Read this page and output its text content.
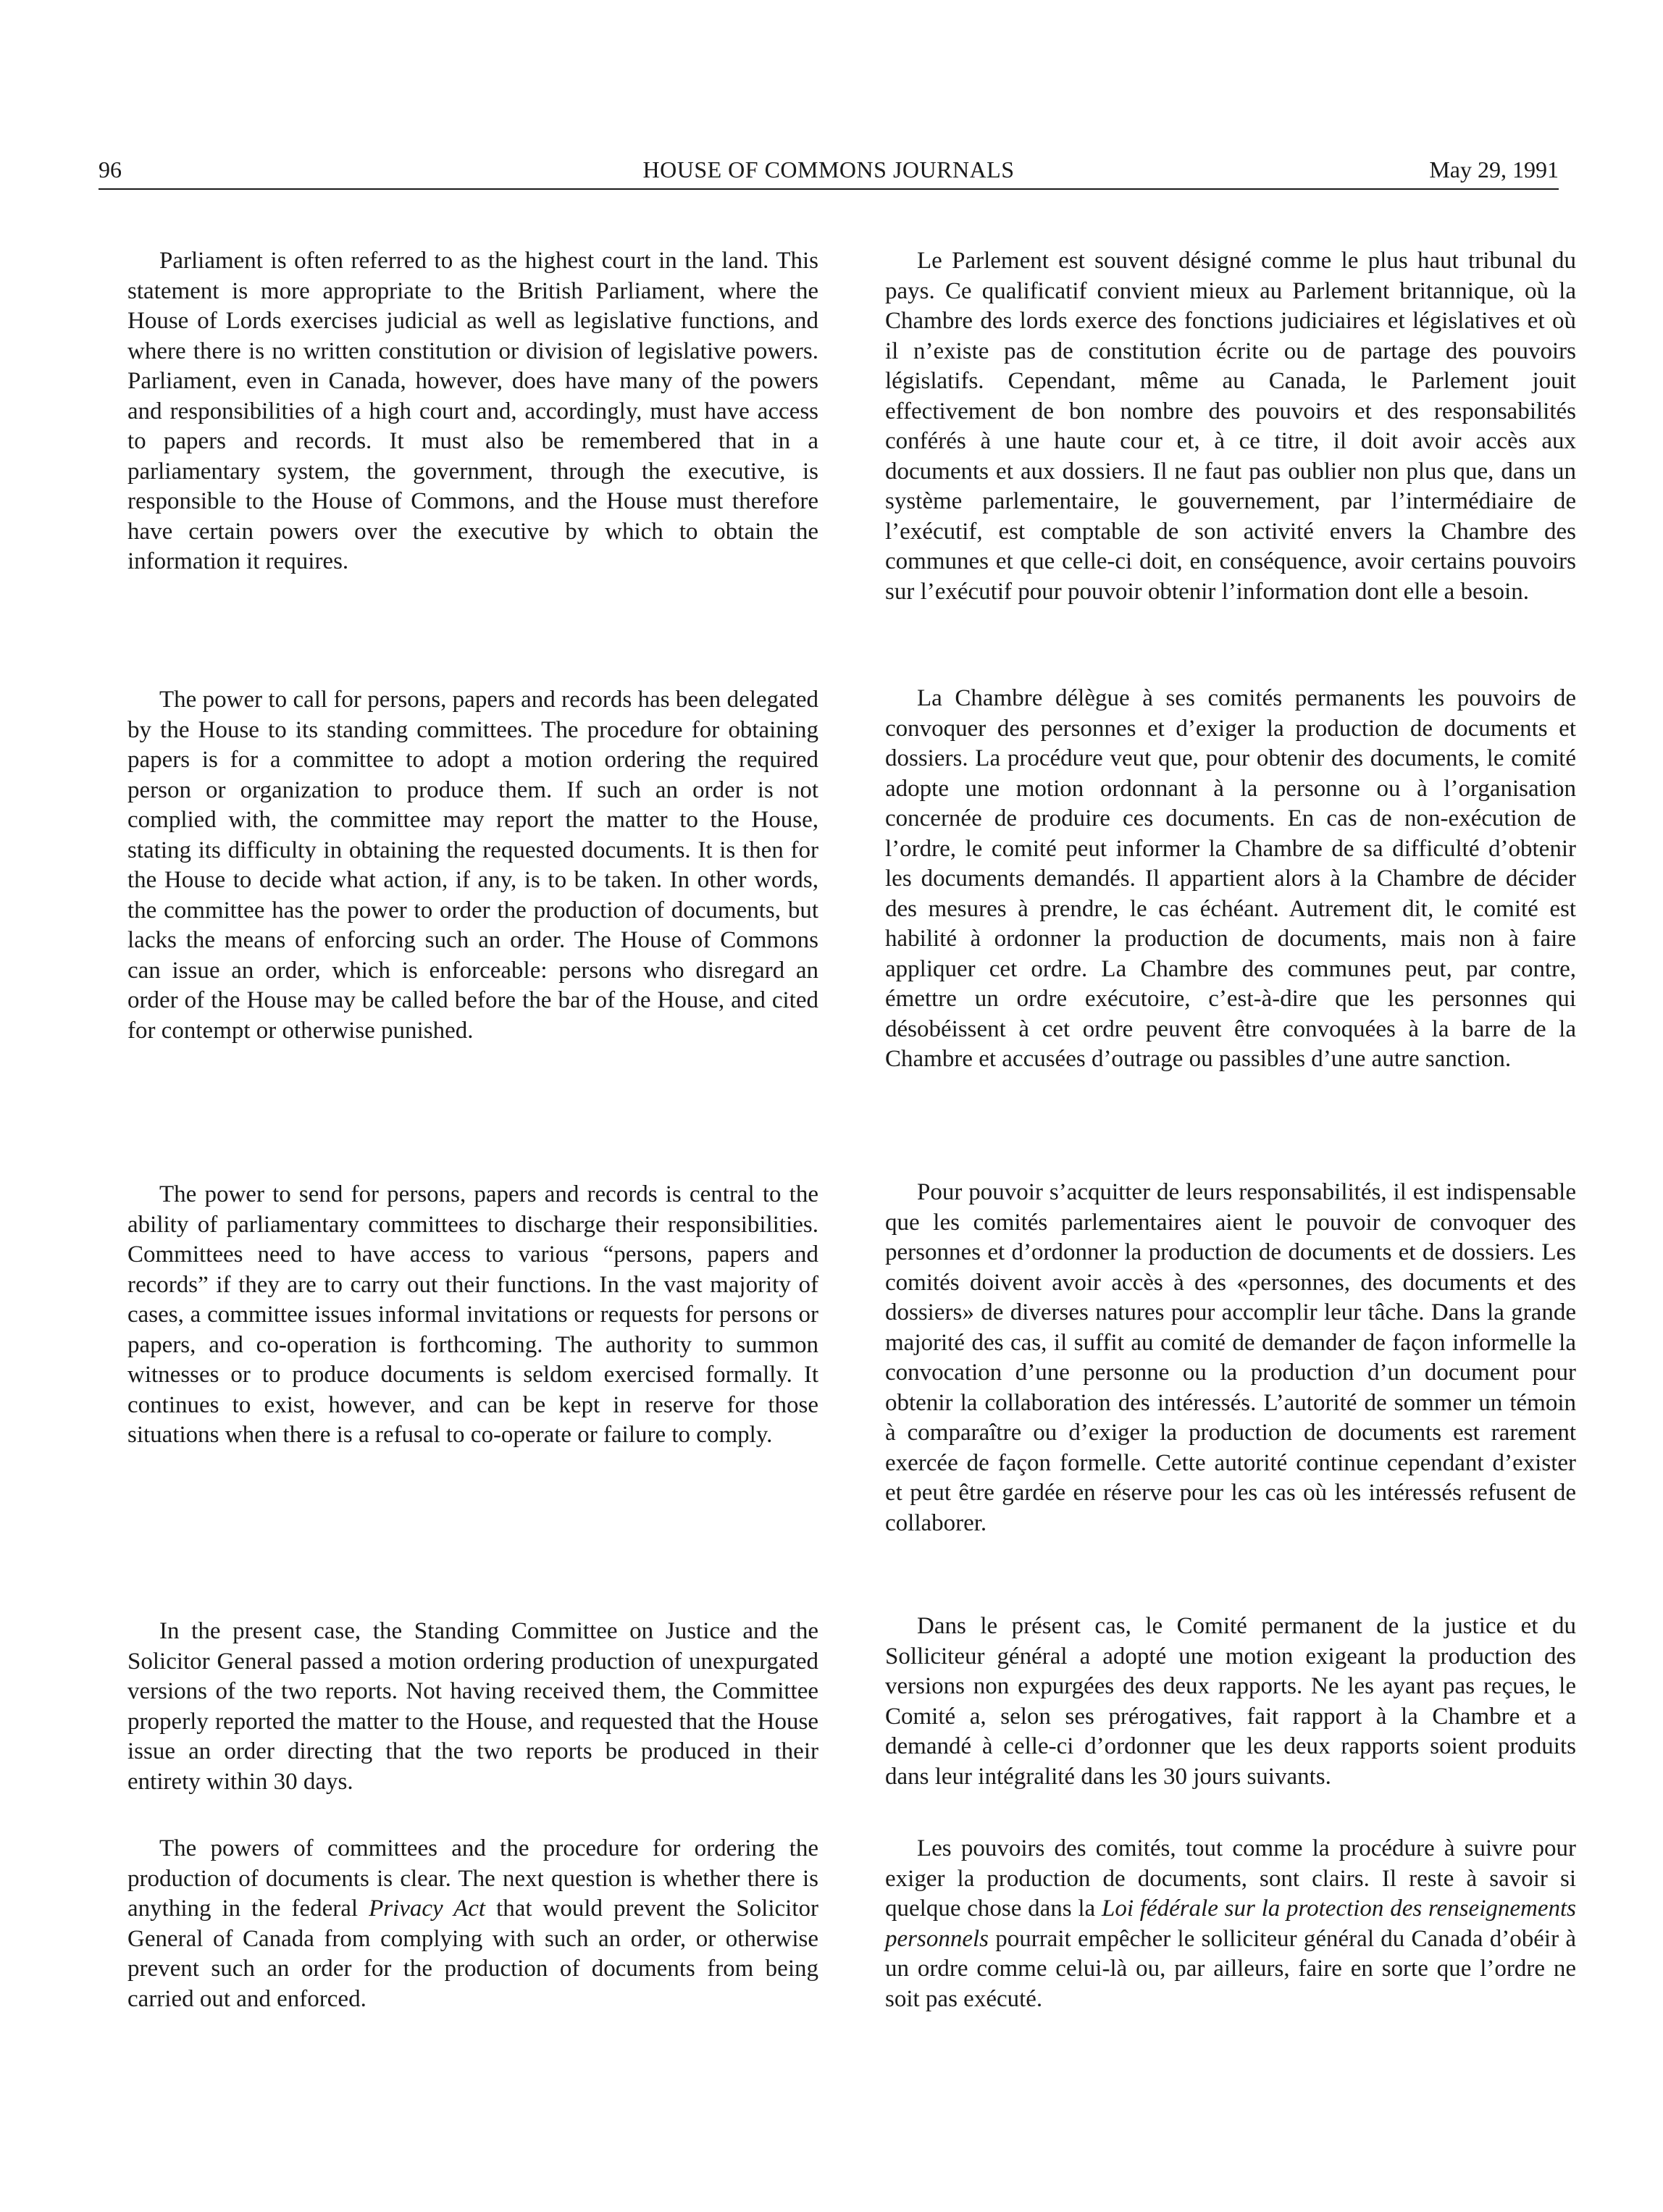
96	HOUSE OF COMMONS JOURNALS	May 29, 1991

Parliament is often referred to as the highest court in the land. This statement is more appropriate to the British Parliament, where the House of Lords exercises judicial as well as legislative functions, and where there is no written constitution or division of legislative powers. Parliament, even in Canada, however, does have many of the powers and responsibilities of a high court and, accordingly, must have access to papers and records. It must also be remembered that in a parliamentary system, the government, through the executive, is responsible to the House of Commons, and the House must therefore have certain powers over the executive by which to obtain the information it requires.

The power to call for persons, papers and records has been delegated by the House to its standing committees. The procedure for obtaining papers is for a committee to adopt a motion ordering the required person or organization to produce them. If such an order is not complied with, the committee may report the matter to the House, stating its difficulty in obtaining the requested documents. It is then for the House to decide what action, if any, is to be taken. In other words, the committee has the power to order the production of documents, but lacks the means of enforcing such an order. The House of Commons can issue an order, which is enforceable: persons who disregard an order of the House may be called before the bar of the House, and cited for contempt or otherwise punished.

The power to send for persons, papers and records is central to the ability of parliamentary committees to discharge their responsibilities. Committees need to have access to various “persons, papers and records” if they are to carry out their functions. In the vast majority of cases, a committee issues informal invitations or requests for persons or papers, and co-operation is forthcoming. The authority to summon witnesses or to produce documents is seldom exercised formally. It continues to exist, however, and can be kept in reserve for those situations when there is a refusal to co-operate or failure to comply.

In the present case, the Standing Committee on Justice and the Solicitor General passed a motion ordering production of unexpurgated versions of the two reports. Not having received them, the Committee properly reported the matter to the House, and requested that the House issue an order directing that the two reports be produced in their entirety within 30 days.

The powers of committees and the procedure for ordering the production of documents is clear. The next question is whether there is anything in the federal Privacy Act that would prevent the Solicitor General of Canada from complying with such an order, or otherwise prevent such an order for the production of documents from being carried out and enforced.

Le Parlement est souvent désigné comme le plus haut tribunal du pays. Ce qualificatif convient mieux au Parlement britannique, où la Chambre des lords exerce des fonctions judiciaires et législatives et où il n’existe pas de constitution écrite ou de partage des pouvoirs législatifs. Cependant, même au Canada, le Parlement jouit effectivement de bon nombre des pouvoirs et des responsabilités conférés à une haute cour et, à ce titre, il doit avoir accès aux documents et aux dossiers. Il ne faut pas oublier non plus que, dans un système parlementaire, le gouvernement, par l’intermédiaire de l’exécutif, est comptable de son activité envers la Chambre des communes et que celle-ci doit, en conséquence, avoir certains pouvoirs sur l’exécutif pour pouvoir obtenir l’information dont elle a besoin.

La Chambre délègue à ses comités permanents les pouvoirs de convoquer des personnes et d’exiger la production de documents et dossiers. La procédure veut que, pour obtenir des documents, le comité adopte une motion ordonnant à la personne ou à l’organisation concernée de produire ces documents. En cas de non-exécution de l’ordre, le comité peut informer la Chambre de sa difficulté d’obtenir les documents demandés. Il appartient alors à la Chambre de décider des mesures à prendre, le cas échéant. Autrement dit, le comité est habilité à ordonner la production de documents, mais non à faire appliquer cet ordre. La Chambre des communes peut, par contre, émettre un ordre exécutoire, c’est-à-dire que les personnes qui désobéissent à cet ordre peuvent être convoquées à la barre de la Chambre et accusées d’outrage ou passibles d’une autre sanction.

Pour pouvoir s’acquitter de leurs responsabilités, il est indispensable que les comités parlementaires aient le pouvoir de convoquer des personnes et d’ordonner la production de documents et de dossiers. Les comités doivent avoir accès à des «personnes, des documents et des dossiers» de diverses natures pour accomplir leur tâche. Dans la grande majorité des cas, il suffit au comité de demander de façon informelle la convocation d’une personne ou la production d’un document pour obtenir la collaboration des intéressés. L’autorité de sommer un témoin à comparaître ou d’exiger la production de documents est rarement exercée de façon formelle. Cette autorité continue cependant d’exister et peut être gardée en réserve pour les cas où les intéressés refusent de collaborer.

Dans le présent cas, le Comité permanent de la justice et du Solliciteur général a adopté une motion exigeant la production des versions non expurgées des deux rapports. Ne les ayant pas reçues, le Comité a, selon ses prérogatives, fait rapport à la Chambre et a demandé à celle-ci d’ordonner que les deux rapports soient produits dans leur intégralité dans les 30 jours suivants.

Les pouvoirs des comités, tout comme la procédure à suivre pour exiger la production de documents, sont clairs. Il reste à savoir si quelque chose dans la Loi fédérale sur la protection des renseignements personnels pourrait empêcher le solliciteur général du Canada d’obéir à un ordre comme celui-là ou, par ailleurs, faire en sorte que l’ordre ne soit pas exécuté.
